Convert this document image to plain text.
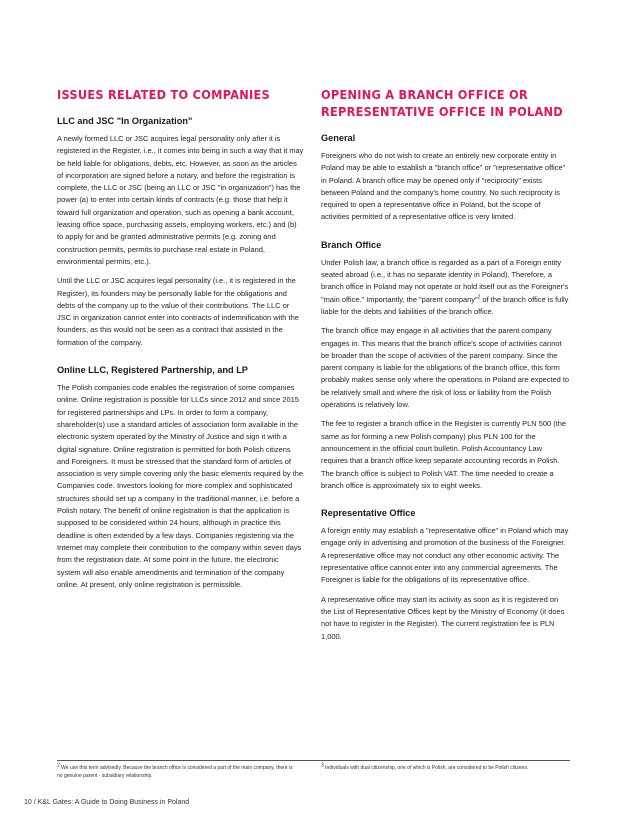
ISSUES RELATED TO COMPANIES
LLC and JSC "In Organization"

A newly formed LLC or JSC acquires legal personality only after it is registered in the Register, i.e., it comes into being in such a way that it may be held liable for obligations, debts, etc. However, as soon as the articles of incorporation are signed before a notary, and before the registration is complete, the LLC or JSC (being an LLC or JSC "in organization") has the power (a) to enter into certain kinds of contracts (e.g. those that help it toward full organization and operation, such as opening a bank account, leasing office space, purchasing assets, employing workers, etc.) and (b) to apply for and be granted administrative permits (e.g. zoning and construction permits, permits to purchase real estate in Poland, environmental permits, etc.).

Until the LLC or JSC acquires legal personality (i.e., it is registered in the Register), its founders may be personally liable for the obligations and debts of the company up to the value of their contributions. The LLC or JSC in organization cannot enter into contracts of indemnification with the founders, as this would not be seen as a contract that assisted in the formation of the company.

Online LLC, Registered Partnership, and LP

The Polish companies code enables the registration of some companies online. Online registration is possible for LLCs since 2012 and since 2015 for registered partnerships and LPs. In order to form a company, shareholder(s) use a standard articles of association form available in the electronic system operated by the Ministry of Justice and sign it with a digital signature. Online registration is permitted for both Polish citizens and Foreigners. It must be stressed that the standard form of articles of association is very simple covering only the basic elements required by the Companies code. Investors looking for more complex and sophisticated structures should set up a company in the traditional manner, i.e. before a Polish notary. The benefit of online registration is that the application is supposed to be considered within 24 hours, although in practice this deadline is often extended by a few days. Companies registering via the Internet may complete their contribution to the company within seven days from the registration date. At some point in the future, the electronic system will also enable amendments and termination of the company online. At present, only online registration is permissible.

OPENING A BRANCH OFFICE OR REPRESENTATIVE OFFICE IN POLAND
General

Foreigners who do not wish to create an entirely new corporate entity in Poland may be able to establish a "branch office" or "representative office" in Poland. A branch office may be opened only if "reciprocity" exists between Poland and the company's home country. No such reciprocity is required to open a representative office in Poland, but the scope of activities permitted of a representative office is very limited.

Branch Office

Under Polish law, a branch office is regarded as a part of a Foreign entity seated abroad (i.e., it has no separate identity in Poland). Therefore, a branch office in Poland may not operate or hold itself out as the Foreigner's "main office." Importantly, the "parent company"$^2$ of the branch office is fully liable for the debts and liabilities of the branch office.

The branch office may engage in all activities that the parent company engages in. This means that the branch office's scope of activities cannot be broader than the scope of activities of the parent company. Since the parent company is liable for the obligations of the branch office, this form probably makes sense only where the operations in Poland are expected to be relatively small and where the risk of loss or liability from the Polish operations is relatively low.

The fee to register a branch office in the Register is currently PLN 500 (the same as for forming a new Polish company) plus PLN 100 for the announcement in the official court bulletin. Polish Accountancy Law requires that a branch office keep separate accounting records in Polish. The branch office is subject to Polish VAT. The time needed to create a branch office is approximately six to eight weeks.

Representative Office

A foreign entity may establish a "representative office" in Poland which may engage only in advertising and promotion of the business of the Foreigner. A representative office may not conduct any other economic activity. The representative office cannot enter into any commercial agreements. The Foreigner is liable for the obligations of its representative office.

A representative office may start its activity as soon as it is registered on the List of Representative Offices kept by the Ministry of Economy (it does not have to register in the Register). The current registration fee is PLN 1,000.

$^2$ We use this term advisedly. Because the branch office is considered a part of the main company, there is no genuine parent - subsidiary relationship.
$^3$ Individuals with dual citizenship, one of which is Polish, are considered to be Polish citizens.
10 / K&L Gates: A Guide to Doing Business in Poland
